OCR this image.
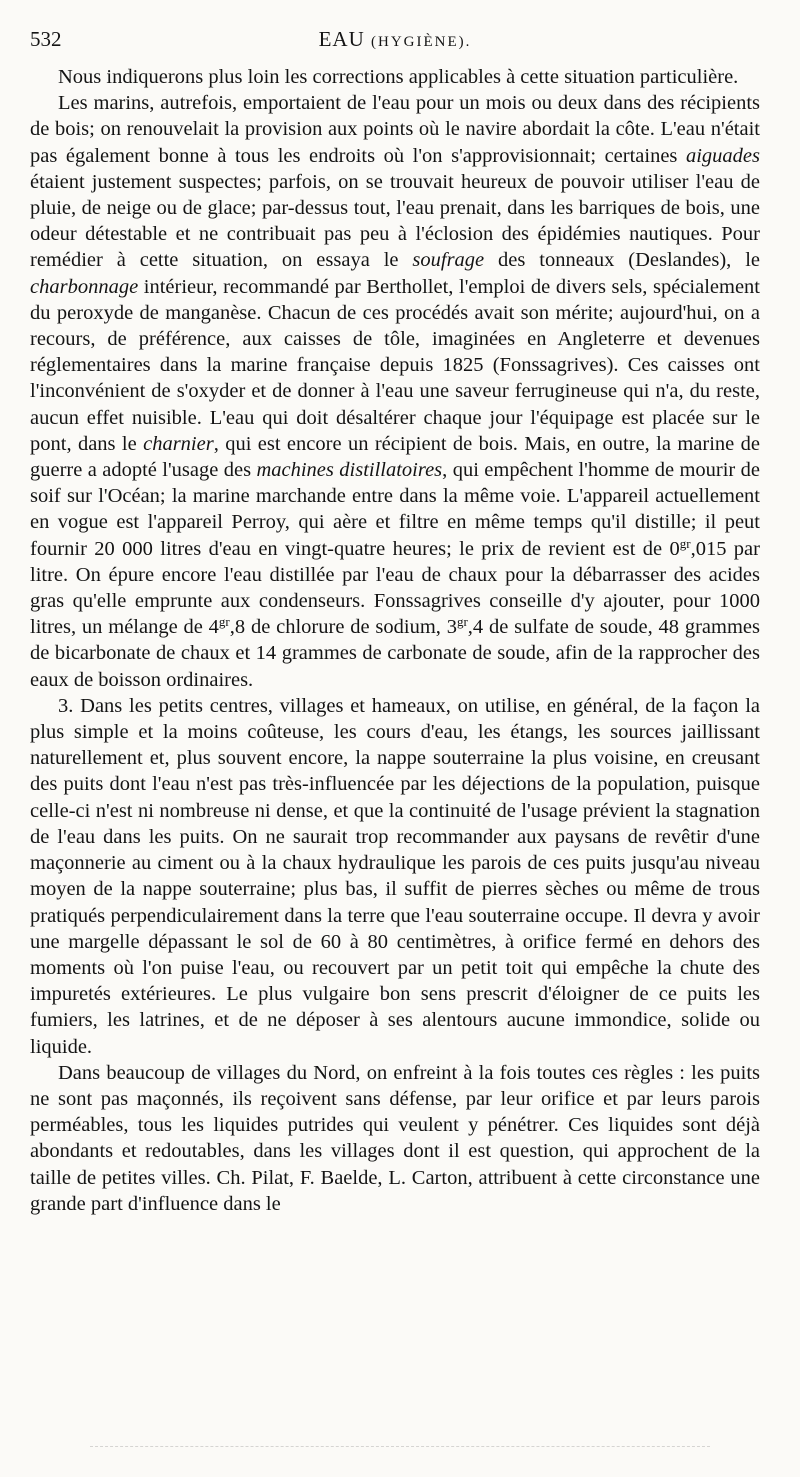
532	EAU (HYGIÈNE).

Nous indiquerons plus loin les corrections applicables à cette situation particulière.

Les marins, autrefois, emportaient de l'eau pour un mois ou deux dans des récipients de bois; on renouvelait la provision aux points où le navire abordait la côte. L'eau n'était pas également bonne à tous les endroits où l'on s'approvisionnait; certaines aiguades étaient justement suspectes; parfois, on se trouvait heureux de pouvoir utiliser l'eau de pluie, de neige ou de glace; par-dessus tout, l'eau prenait, dans les barriques de bois, une odeur détestable et ne contribuait pas peu à l'éclosion des épidémies nautiques. Pour remédier à cette situation, on essaya le soufrage des tonneaux (Deslandes), le charbonnage intérieur, recommandé par Berthollet, l'emploi de divers sels, spécialement du peroxyde de manganèse. Chacun de ces procédés avait son mérite; aujourd'hui, on a recours, de préférence, aux caisses de tôle, imaginées en Angleterre et devenues réglementaires dans la marine française depuis 1825 (Fonssagrives). Ces caisses ont l'inconvénient de s'oxyder et de donner à l'eau une saveur ferrugineuse qui n'a, du reste, aucun effet nuisible. L'eau qui doit désaltérer chaque jour l'équipage est placée sur le pont, dans le charnier, qui est encore un récipient de bois. Mais, en outre, la marine de guerre a adopté l'usage des machines distillatoires, qui empêchent l'homme de mourir de soif sur l'Océan; la marine marchande entre dans la même voie. L'appareil actuellement en vogue est l'appareil Perroy, qui aère et filtre en même temps qu'il distille; il peut fournir 20 000 litres d'eau en vingt-quatre heures; le prix de revient est de $0^{gr},015$ par litre. On épure encore l'eau distillée par l'eau de chaux pour la débarrasser des acides gras qu'elle emprunte aux condenseurs. Fonssagrives conseille d'y ajouter, pour 1000 litres, un mélange de $4^{gr},8$ de chlorure de sodium, $3^{gr},4$ de sulfate de soude, 48 grammes de bicarbonate de chaux et 14 grammes de carbonate de soude, afin de la rapprocher des eaux de boisson ordinaires.

3. Dans les petits centres, villages et hameaux, on utilise, en général, de la façon la plus simple et la moins coûteuse, les cours d'eau, les étangs, les sources jaillissant naturellement et, plus souvent encore, la nappe souterraine la plus voisine, en creusant des puits dont l'eau n'est pas très-influencée par les déjections de la population, puisque celle-ci n'est ni nombreuse ni dense, et que la continuité de l'usage prévient la stagnation de l'eau dans les puits. On ne saurait trop recommander aux paysans de revêtir d'une maçonnerie au ciment ou à la chaux hydraulique les parois de ces puits jusqu'au niveau moyen de la nappe souterraine; plus bas, il suffit de pierres sèches ou même de trous pratiqués perpendiculairement dans la terre que l'eau souterraine occupe. Il devra y avoir une margelle dépassant le sol de 60 à 80 centimètres, à orifice fermé en dehors des moments où l'on puise l'eau, ou recouvert par un petit toit qui empêche la chute des impuretés extérieures. Le plus vulgaire bon sens prescrit d'éloigner de ce puits les fumiers, les latrines, et de ne déposer à ses alentours aucune immondice, solide ou liquide.

Dans beaucoup de villages du Nord, on enfreint à la fois toutes ces règles : les puits ne sont pas maçonnés, ils reçoivent sans défense, par leur orifice et par leurs parois perméables, tous les liquides putrides qui veulent y pénétrer. Ces liquides sont déjà abondants et redoutables, dans les villages dont il est question, qui approchent de la taille de petites villes. Ch. Pilat, F. Baelde, L. Carton, attribuent à cette circonstance une grande part d'influence dans le
